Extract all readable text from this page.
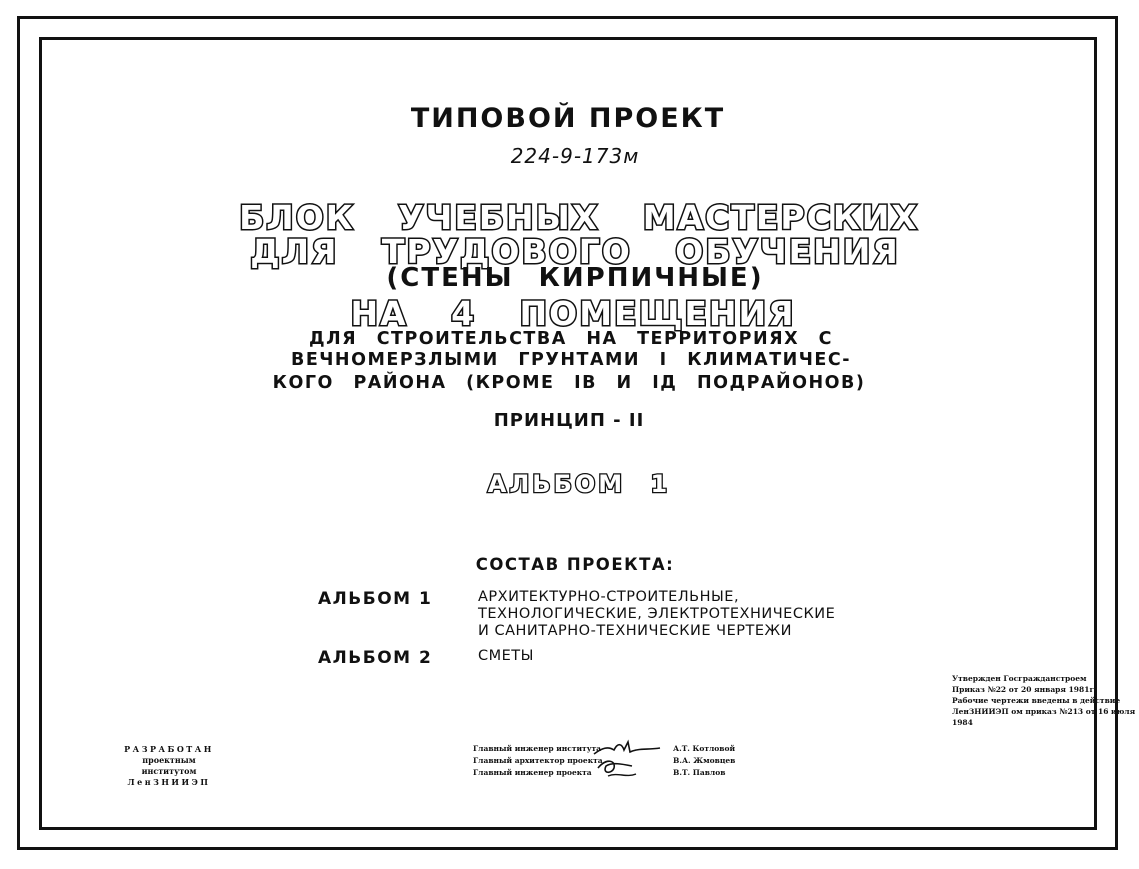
ТИПОВОЙ ПРОЕКТ
224-9-173м
БЛОК УЧЕБНЫХ МАСТЕРСКИХ
ДЛЯ ТРУДОВОГО ОБУЧЕНИЯ
(СТЕНЫ КИРПИЧНЫЕ)
НА 4 ПОМЕЩЕНИЯ
ДЛЯ СТРОИТЕЛЬСТВА НА ТЕРРИТОРИЯХ С
ВЕЧНОМЕРЗЛЫМИ ГРУНТАМИ I КЛИМАТИЧЕС-
КОГО РАЙОНА (КРОМЕ IВ И IД ПОДРАЙОНОВ)
ПРИНЦИП - II
АЛЬБОМ 1
СОСТАВ ПРОЕКТА:
АЛЬБОМ 1	АРХИТЕКТУРНО-СТРОИТЕЛЬНЫЕ,
ТЕХНОЛОГИЧЕСКИЕ, ЭЛЕКТРОТЕХНИЧЕСКИЕ
И САНИТАРНО-ТЕХНИЧЕСКИЕ ЧЕРТЕЖИ
АЛЬБОМ 2	СМЕТЫ
Утвержден Госгражданстроем
Приказ №22 от 20 января 1981г.
Рабочие чертежи введены в действие
ЛенЗНИИЭП ом приказ №213 от 16 июля 1984
РАЗРАБОТАН
проектным институтом
ЛенЗНИИЭП
Главный инженер института
Главный архитектор проекта
Главный инженер проекта
А.Т. Котловой
В.А. Жмовцев
В.Т. Павлов
